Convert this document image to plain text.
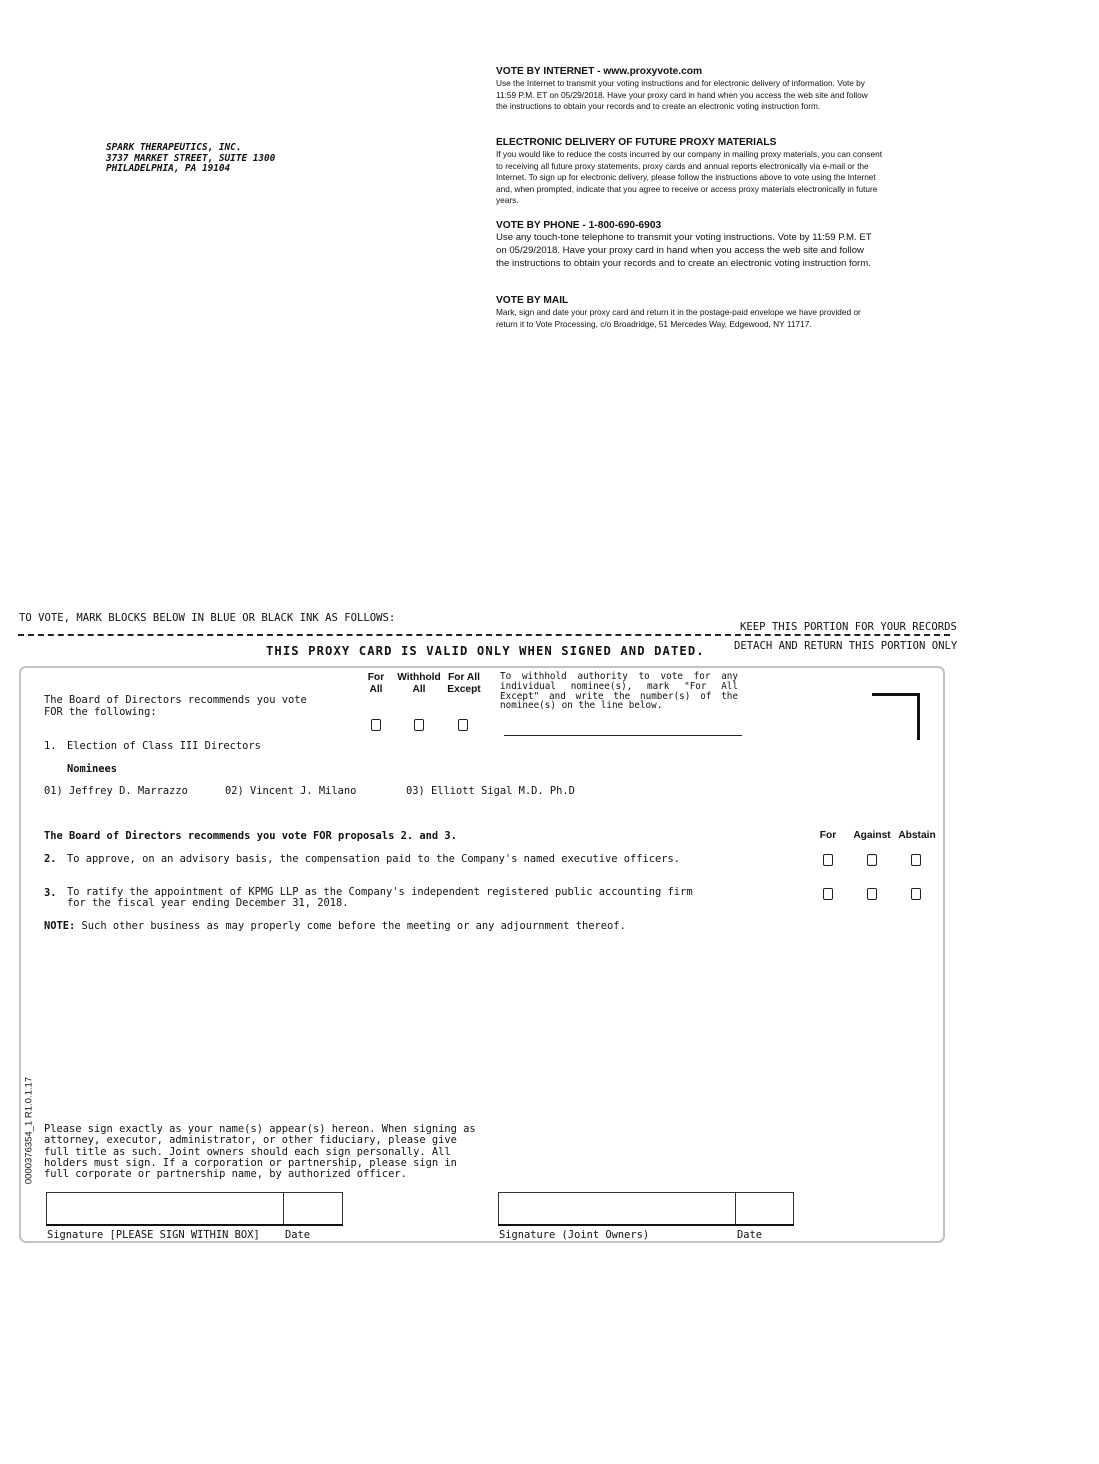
SPARK THERAPEUTICS, INC.
3737 MARKET STREET, SUITE 1300
PHILADELPHIA, PA 19104
VOTE BY INTERNET - www.proxyvote.com

Use the Internet to transmit your voting instructions and for electronic delivery of information. Vote by 11:59 P.M. ET on 05/29/2018. Have your proxy card in hand when you access the web site and follow the instructions to obtain your records and to create an electronic voting instruction form.

ELECTRONIC DELIVERY OF FUTURE PROXY MATERIALS

If you would like to reduce the costs incurred by our company in mailing proxy materials, you can consent to receiving all future proxy statements, proxy cards and annual reports electronically via e-mail or the Internet. To sign up for electronic delivery, please follow the instructions above to vote using the Internet and, when prompted, indicate that you agree to receive or access proxy materials electronically in future years.

VOTE BY PHONE - 1-800-690-6903

Use any touch-tone telephone to transmit your voting instructions. Vote by 11:59 P.M. ET on 05/29/2018. Have your proxy card in hand when you access the web site and follow the instructions to obtain your records and to create an electronic voting instruction form.

VOTE BY MAIL

Mark, sign and date your proxy card and return it in the postage-paid envelope we have provided or return it to Vote Processing, c/o Broadridge, 51 Mercedes Way, Edgewood, NY 11717.

TO VOTE, MARK BLOCKS BELOW IN BLUE OR BLACK INK AS FOLLOWS:
KEEP THIS PORTION FOR YOUR RECORDS
DETACH AND RETURN THIS PORTION ONLY
THIS PROXY CARD IS VALID ONLY WHEN SIGNED AND DATED.
The Board of Directors recommends you vote FOR the following:
For All
Withhold All
For All Except
To withhold authority to vote for any individual nominee(s), mark "For All Except" and write the number(s) of the nominee(s) on the line below.
1. Election of Class III Directors
Nominees
01) Jeffrey D. Marrazzo	02) Vincent J. Milano	03) Elliott Sigal M.D. Ph.D
The Board of Directors recommends you vote FOR proposals 2. and 3.	For	Against Abstain
2. To approve, on an advisory basis, the compensation paid to the Company's named executive officers.
3. To ratify the appointment of KPMG LLP as the Company's independent registered public accounting firm for the fiscal year ending December 31, 2018.
NOTE: Such other business as may properly come before the meeting or any adjournment thereof.
Please sign exactly as your name(s) appear(s) hereon. When signing as attorney, executor, administrator, or other fiduciary, please give full title as such. Joint owners should each sign personally. All holders must sign. If a corporation or partnership, please sign in full corporate or partnership name, by authorized officer.
Signature [PLEASE SIGN WITHIN BOX] Date	Signature (Joint Owners)	Date
0000376354_1 R1.0.1.17
